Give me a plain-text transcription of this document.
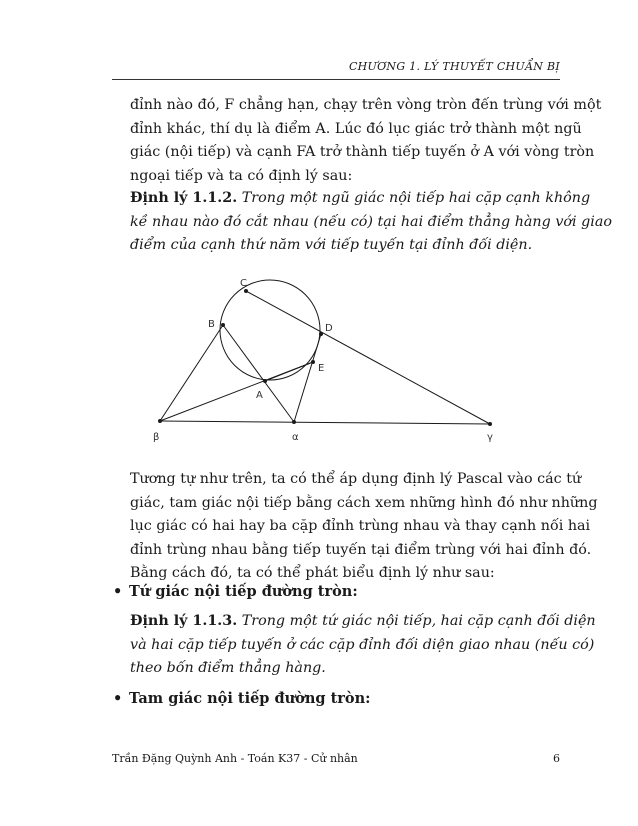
CHƯƠNG 1. LÝ THUYẾT CHUẨN BỊ
đỉnh nào đó, F chẳng hạn, chạy trên vòng tròn đến trùng với một
đỉnh khác, thí dụ là điểm A. Lúc đó lục giác trở thành một ngũ
giác (nội tiếp) và cạnh FA trở thành tiếp tuyến ở A với vòng tròn
ngoại tiếp và ta có định lý sau:
Định lý 1.1.2. Trong một ngũ giác nội tiếp hai cặp cạnh không
kề nhau nào đó cắt nhau (nếu có) tại hai điểm thẳng hàng với giao
điểm của cạnh thứ năm với tiếp tuyến tại đỉnh đối diện.
C
B	D
E
A
β	α	γ
Tương tự như trên, ta có thể áp dụng định lý Pascal vào các tứ
giác, tam giác nội tiếp bằng cách xem những hình đó như những
lục giác có hai hay ba cặp đỉnh trùng nhau và thay cạnh nối hai
đỉnh trùng nhau bằng tiếp tuyến tại điểm trùng với hai đỉnh đó.
Bằng cách đó, ta có thể phát biểu định lý như sau:
• Tứ giác nội tiếp đường tròn:
Định lý 1.1.3. Trong một tứ giác nội tiếp, hai cặp cạnh đối diện
và hai cặp tiếp tuyến ở các cặp đỉnh đối diện giao nhau (nếu có)
theo bốn điểm thẳng hàng.
• Tam giác nội tiếp đường tròn:
Trần Đặng Quỳnh Anh - Toán K37 - Cử nhân	6
